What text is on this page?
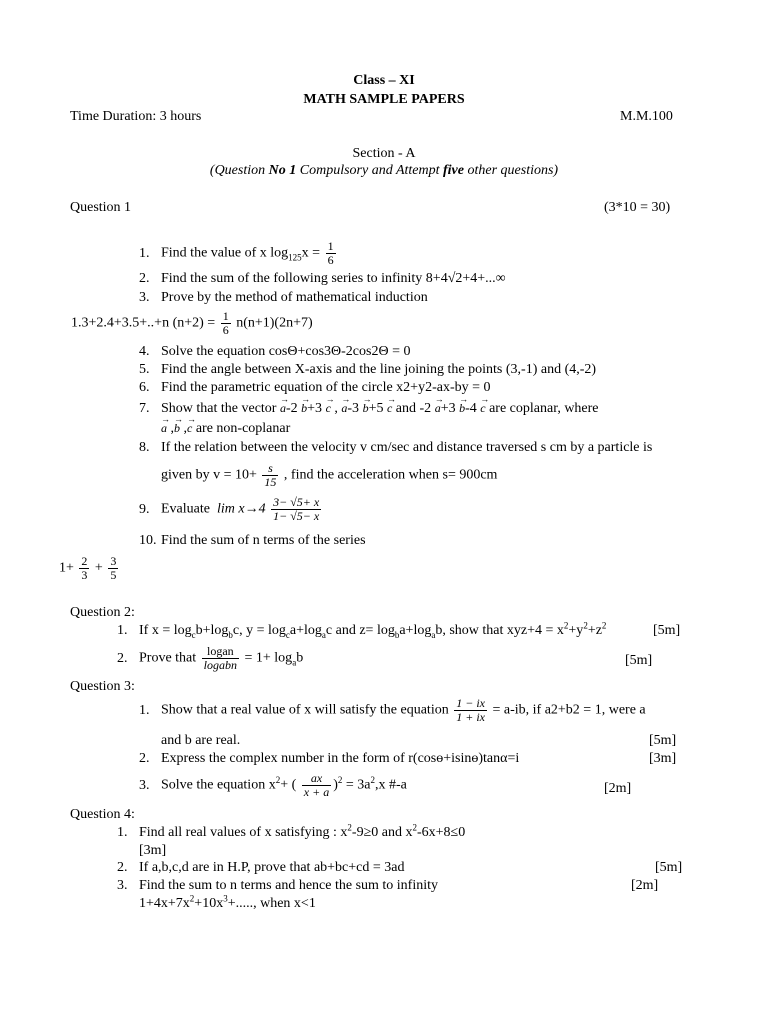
Class – XI
MATH SAMPLE PAPERS
Time Duration: 3 hours	M.M.100
Section - A
(Question No 1 Compulsory and Attempt five other questions)
Question 1	(3*10 = 30)
1. Find the value of x $\log_{125}x = \frac{1}{6}$
2. Find the sum of the following series to infinity 8+4√2+4+...∞
3. Prove by the method of mathematical induction
1.3+2.4+3.5+..+n $(n+2) = \frac{1}{6} n(n+1)(2n+7)$
4. Solve the equation cosΘ+cos3Θ-2cos2Θ = 0
5. Find the angle between X-axis and the line joining the points (3,-1) and (4,-2)
6. Find the parametric equation of the circle x2+y2-ax-by = 0
7. Show that the vector → a-2 → b+3 → c , → a-3 → b+5 → c and -2 → a+3 → b-4 → c are coplanar, where
→ a ,→ b ,→ c are non-coplanar
8. If the relation between the velocity v cm/sec and distance traversed s cm by a particle is
given by $v = 10+ \frac{s}{15}$ , find the acceleration when s= 900cm
9. Evaluate $\lim x\to 4 \frac{3- √5+ x}{1- √5- x}$
10. Find the sum of n terms of the series
$1+ \frac{2}{3} + \frac{3}{5}$
Question 2:
1. If $x = \log_cb+\log_bc$, $y = \log_ca+\log_ac$ and $z= \log_ba+\log_ab$, show that $xyz+4 = x^2+y^2+z^2$	[5m]
2. Prove that $\frac{\text{logan}}{\text{logabn}} = 1+ \log_ab$	[5m]
Question 3:
1. Show that a real value of x will satisfy the equation $\frac{1 - ix}{1 + ix} = a-ib$, if a2+b2 = 1, were a
and b are real.	[5m]
2. Express the complex number in the form of r(cosɵ+isinɵ)tanα=i	[3m]
3. Solve the equation $x^2+$ ( $\frac{ax}{x + a} )^2 = 3a^2,x$ #-a	[2m]
Question 4:
1. Find all real values of x satisfying : $x^2-9\ge 0$ and $x^2-6x+8\le 0$
[3m]
2. If a,b,c,d are in H.P, prove that ab+bc+cd = 3ad	[5m]
3. Find the sum to n terms and hence the sum to infinity	[2m]
$1+4x+7x^2+10x^3+$....., when x<1
